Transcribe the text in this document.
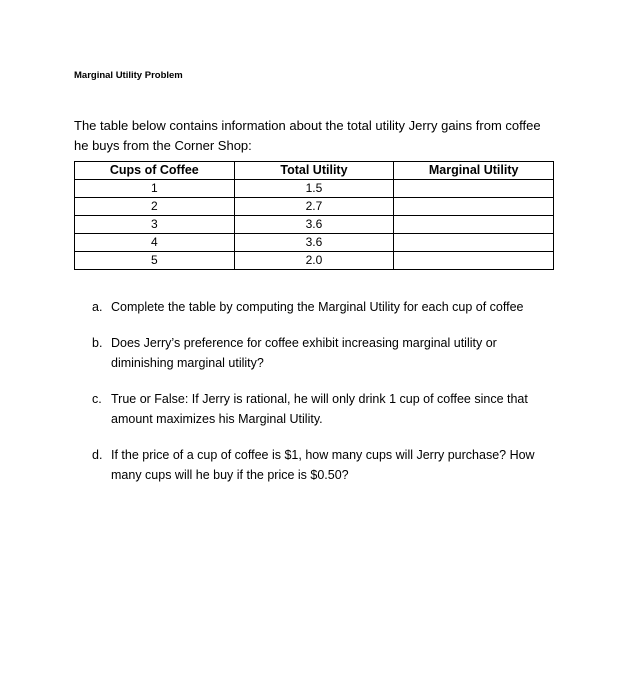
Marginal Utility Problem
The table below contains information about the total utility Jerry gains from coffee he buys from the Corner Shop:
Cups of Coffee	Total Utility	Marginal Utility
1	1.5	
2	2.7	
3	3.6	
4	3.6	
5	2.0	
a. Complete the table by computing the Marginal Utility for each cup of coffee
b. Does Jerry’s preference for coffee exhibit increasing marginal utility or diminishing marginal utility?
c. True or False: If Jerry is rational, he will only drink 1 cup of coffee since that amount maximizes his Marginal Utility.
d. If the price of a cup of coffee is $1, how many cups will Jerry purchase? How many cups will he buy if the price is $0.50?
